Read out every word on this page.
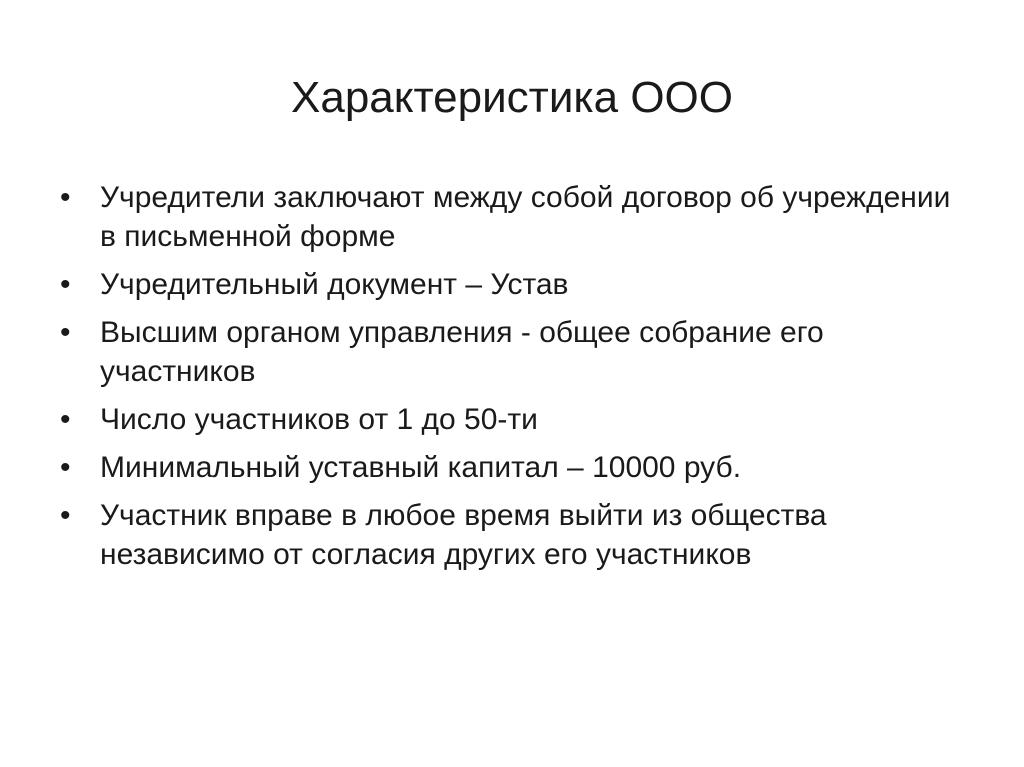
Характеристика ООО
• Учредители заключают между собой договор об учреждении в письменной форме
• Учредительный документ – Устав
• Высшим органом управления - общее собрание его участников
• Число участников от 1 до 50-ти
• Минимальный уставный капитал – 10000 руб.
• Участник вправе в любое время выйти из общества независимо от согласия других его участников
